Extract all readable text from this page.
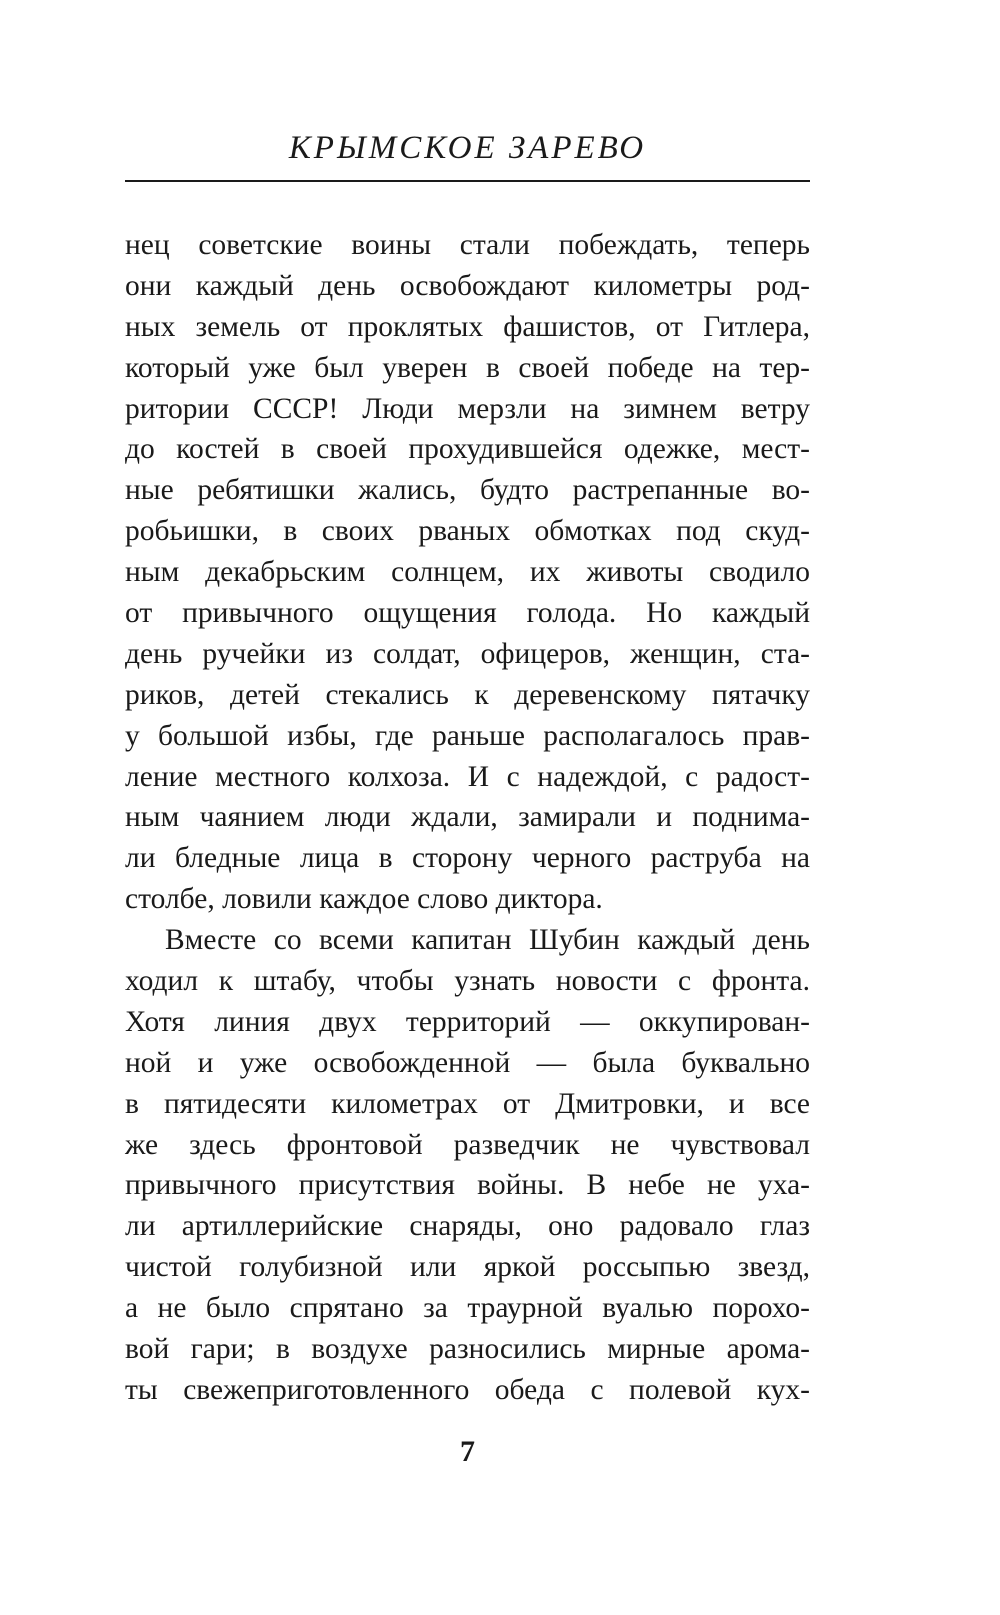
КРЫМСКОЕ ЗАРЕВО
нец советские воины стали побеждать, теперь
они каждый день освобождают километры род-
ных земель от проклятых фашистов, от Гитлера,
который уже был уверен в своей победе на тер-
ритории СССР! Люди мерзли на зимнем ветру
до костей в своей прохудившейся одежке, мест-
ные ребятишки жались, будто растрепанные во-
робьишки, в своих рваных обмотках под скуд-
ным декабрьским солнцем, их животы сводило
от привычного ощущения голода. Но каждый
день ручейки из солдат, офицеров, женщин, ста-
риков, детей стекались к деревенскому пятачку
у большой избы, где раньше располагалось прав-
ление местного колхоза. И с надеждой, с радост-
ным чаянием люди ждали, замирали и поднима-
ли бледные лица в сторону черного раструба на
столбе, ловили каждое слово диктора.
Вместе со всеми капитан Шубин каждый день
ходил к штабу, чтобы узнать новости с фронта.
Хотя линия двух территорий — оккупирован-
ной и уже освобожденной — была буквально
в пятидесяти километрах от Дмитровки, и все
же здесь фронтовой разведчик не чувствовал
привычного присутствия войны. В небе не уха-
ли артиллерийские снаряды, оно радовало глаз
чистой голубизной или яркой россыпью звезд,
а не было спрятано за траурной вуалью порохо-
вой гари; в воздухе разносились мирные арома-
ты свежеприготовленного обеда с полевой кух-
7
